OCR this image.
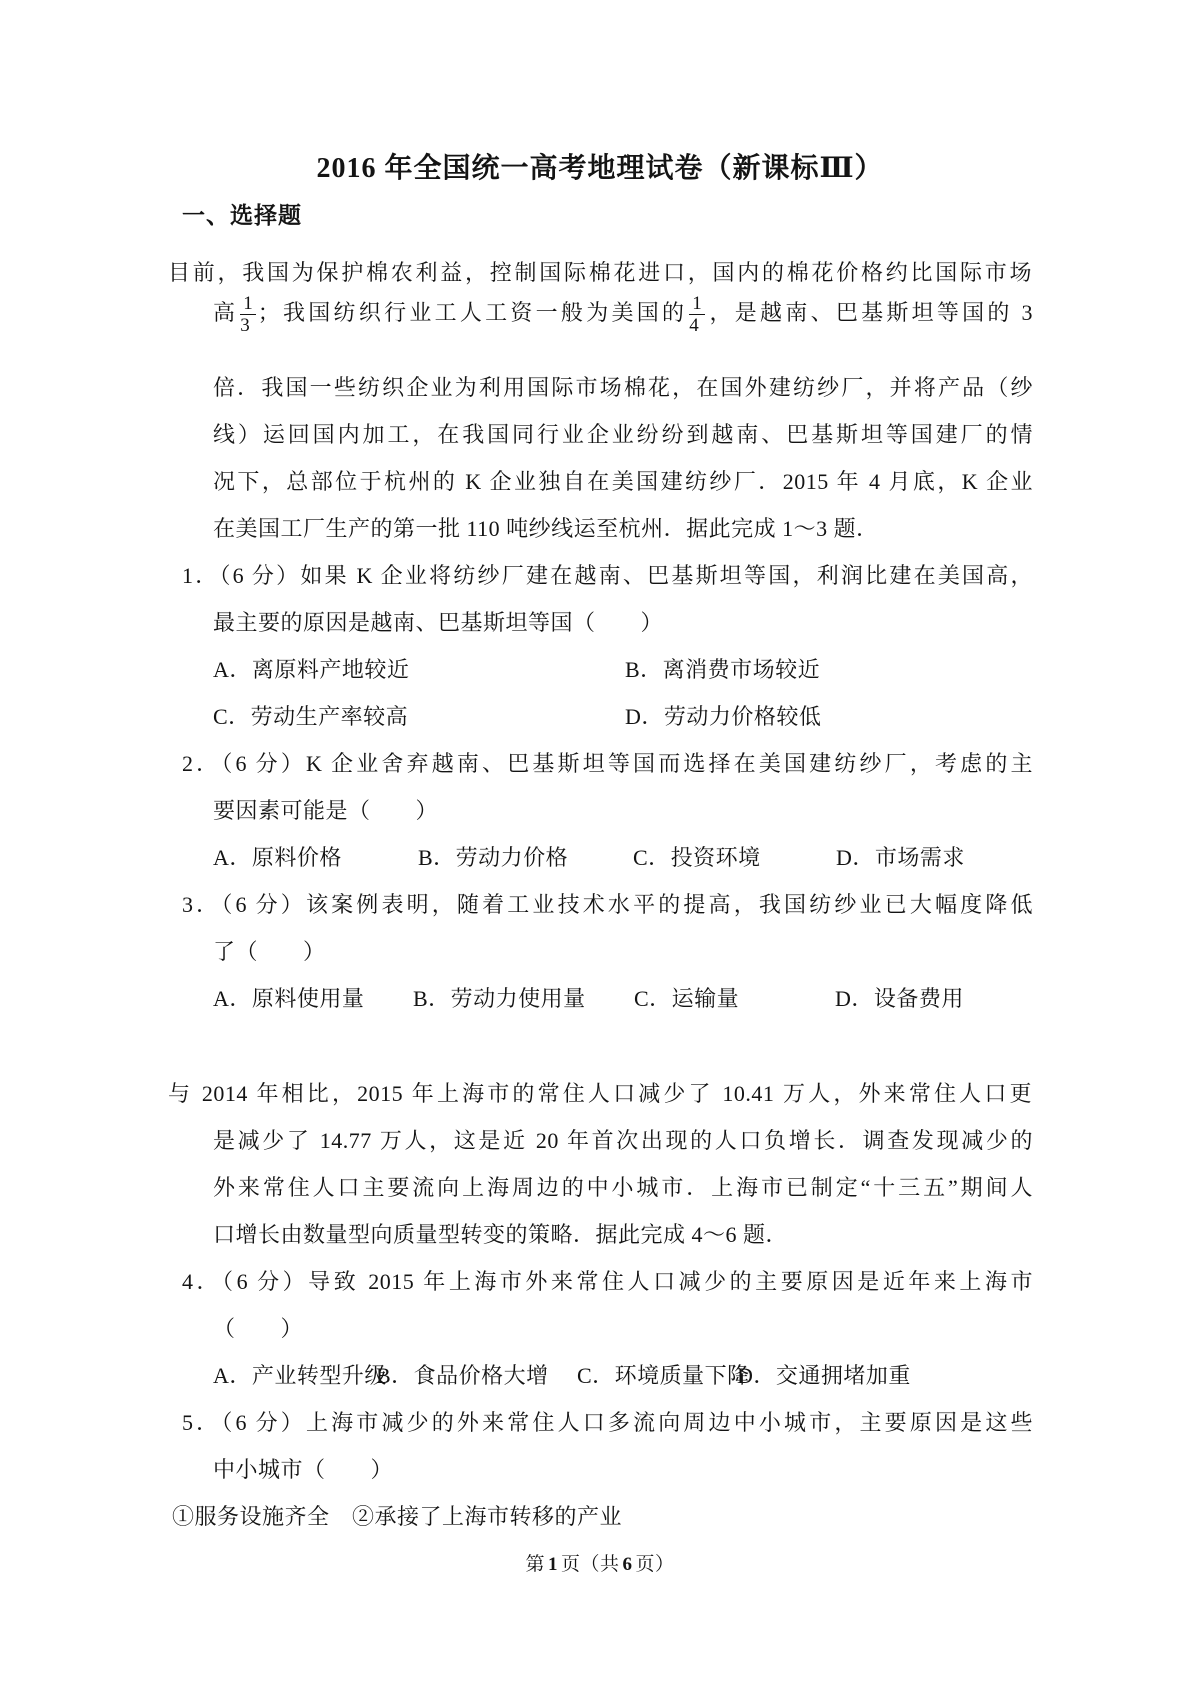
2016 年全国统一高考地理试卷（新课标Ⅲ）
一、选择题
目前，我国为保护棉农利益，控制国际棉花进口，国内的棉花价格约比国际市场
高 $\frac{1}{3}$ ；我国纺织行业工人工资一般为美国的 $\frac{1}{4}$ ，是越南、巴基斯坦等国的 3
倍．我国一些纺织企业为利用国际市场棉花，在国外建纺纱厂，并将产品（纱
线）运回国内加工，在我国同行业企业纷纷到越南、巴基斯坦等国建厂的情
况下，总部位于杭州的 K 企业独自在美国建纺纱厂．2015 年 4 月底，K 企业
在美国工厂生产的第一批 110 吨纱线运至杭州．据此完成 1～3 题．
1．（6 分）如果 K 企业将纺纱厂建在越南、巴基斯坦等国，利润比建在美国高，
最主要的原因是越南、巴基斯坦等国（　　）
A．离原料产地较近	B．离消费市场较近
C．劳动生产率较高	D．劳动力价格较低
2．（6 分）K 企业舍弃越南、巴基斯坦等国而选择在美国建纺纱厂，考虑的主
要因素可能是（　　）
A．原料价格	B．劳动力价格	C．投资环境	D．市场需求
3．（6 分）该案例表明，随着工业技术水平的提高，我国纺纱业已大幅度降低
了（　　）
A．原料使用量 B．劳动力使用量 C．运输量	D．设备费用
与 2014 年相比，2015 年上海市的常住人口减少了 10.41 万人，外来常住人口更
是减少了 14.77 万人，这是近 20 年首次出现的人口负增长．调查发现减少的
外来常住人口主要流向上海周边的中小城市．上海市已制定“十三五”期间人
口增长由数量型向质量型转变的策略．据此完成 4～6 题．
4．（6 分）导致 2015 年上海市外来常住人口减少的主要原因是近年来上海市
（　　）
A．产业转型升级
B．食品价格大增 C．环境质量下降
D．交通拥堵加重
5．（6 分）上海市减少的外来常住人口多流向周边中小城市，主要原因是这些
中小城市（　　）
①服务设施齐全　②承接了上海市转移的产业
第 1 页（共 6 页）
